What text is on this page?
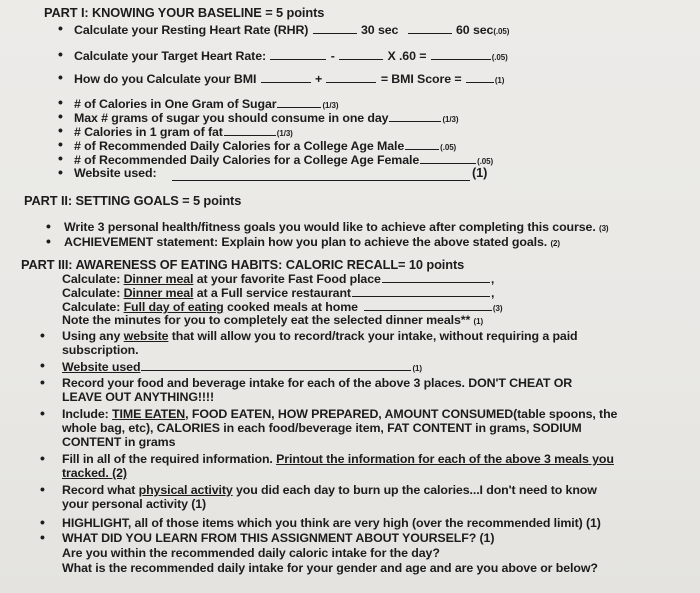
PART I: KNOWING YOUR BASELINE = 5 points
• Calculate your Resting Heart Rate (RHR)	30 sec	60 sec(.05)
• Calculate your Target Heart Rate:	-	X .60 =	(.05)
• How do you Calculate your BMI	+	= BMI Score =	(1)
• # of Calories in One Gram of Sugar	(1/3)
• Max # grams of sugar you should consume in one day	(1/3)
• # Calories in 1 gram of fat	(1/3)
• # of Recommended Daily Calories for a College Age Male	(.05)
• # of Recommended Daily Calories for a College Age Female	(.05)
• Website used:	(1)
PART II: SETTING GOALS = 5 points
• Write 3 personal health/fitness goals you would like to achieve after completing this course. (3)
• ACHIEVEMENT statement: Explain how you plan to achieve the above stated goals. (2)
PART III: AWARENESS OF EATING HABITS: CALORIC RECALL= 10 points
Calculate: Dinner meal at your favorite Fast Food place	,
Calculate: Dinner meal at a Full service restaurant	,
Calculate: Full day of eating cooked meals at home	(3)
Note the minutes for you to completely eat the selected dinner meals** (1)
• Using any website that will allow you to record/track your intake, without requiring a paid
subscription.
• Website used	(1)
• Record your food and beverage intake for each of the above 3 places. DON'T CHEAT OR
LEAVE OUT ANYTHING!!!!
• Include: TIME EATEN, FOOD EATEN, HOW PREPARED, AMOUNT CONSUMED(table spoons, the
whole bag, etc), CALORIES in each food/beverage item, FAT CONTENT in grams, SODIUM
CONTENT in grams
• Fill in all of the required information. Printout the information for each of the above 3 meals you
tracked. (2)
• Record what physical activity you did each day to burn up the calories...I don't need to know
your personal activity (1)
• HIGHLIGHT, all of those items which you think are very high (over the recommended limit) (1)
• WHAT DID YOU LEARN FROM THIS ASSIGNMENT ABOUT YOURSELF? (1)
Are you within the recommended daily caloric intake for the day?
What is the recommended daily intake for your gender and age and are you above or below?
